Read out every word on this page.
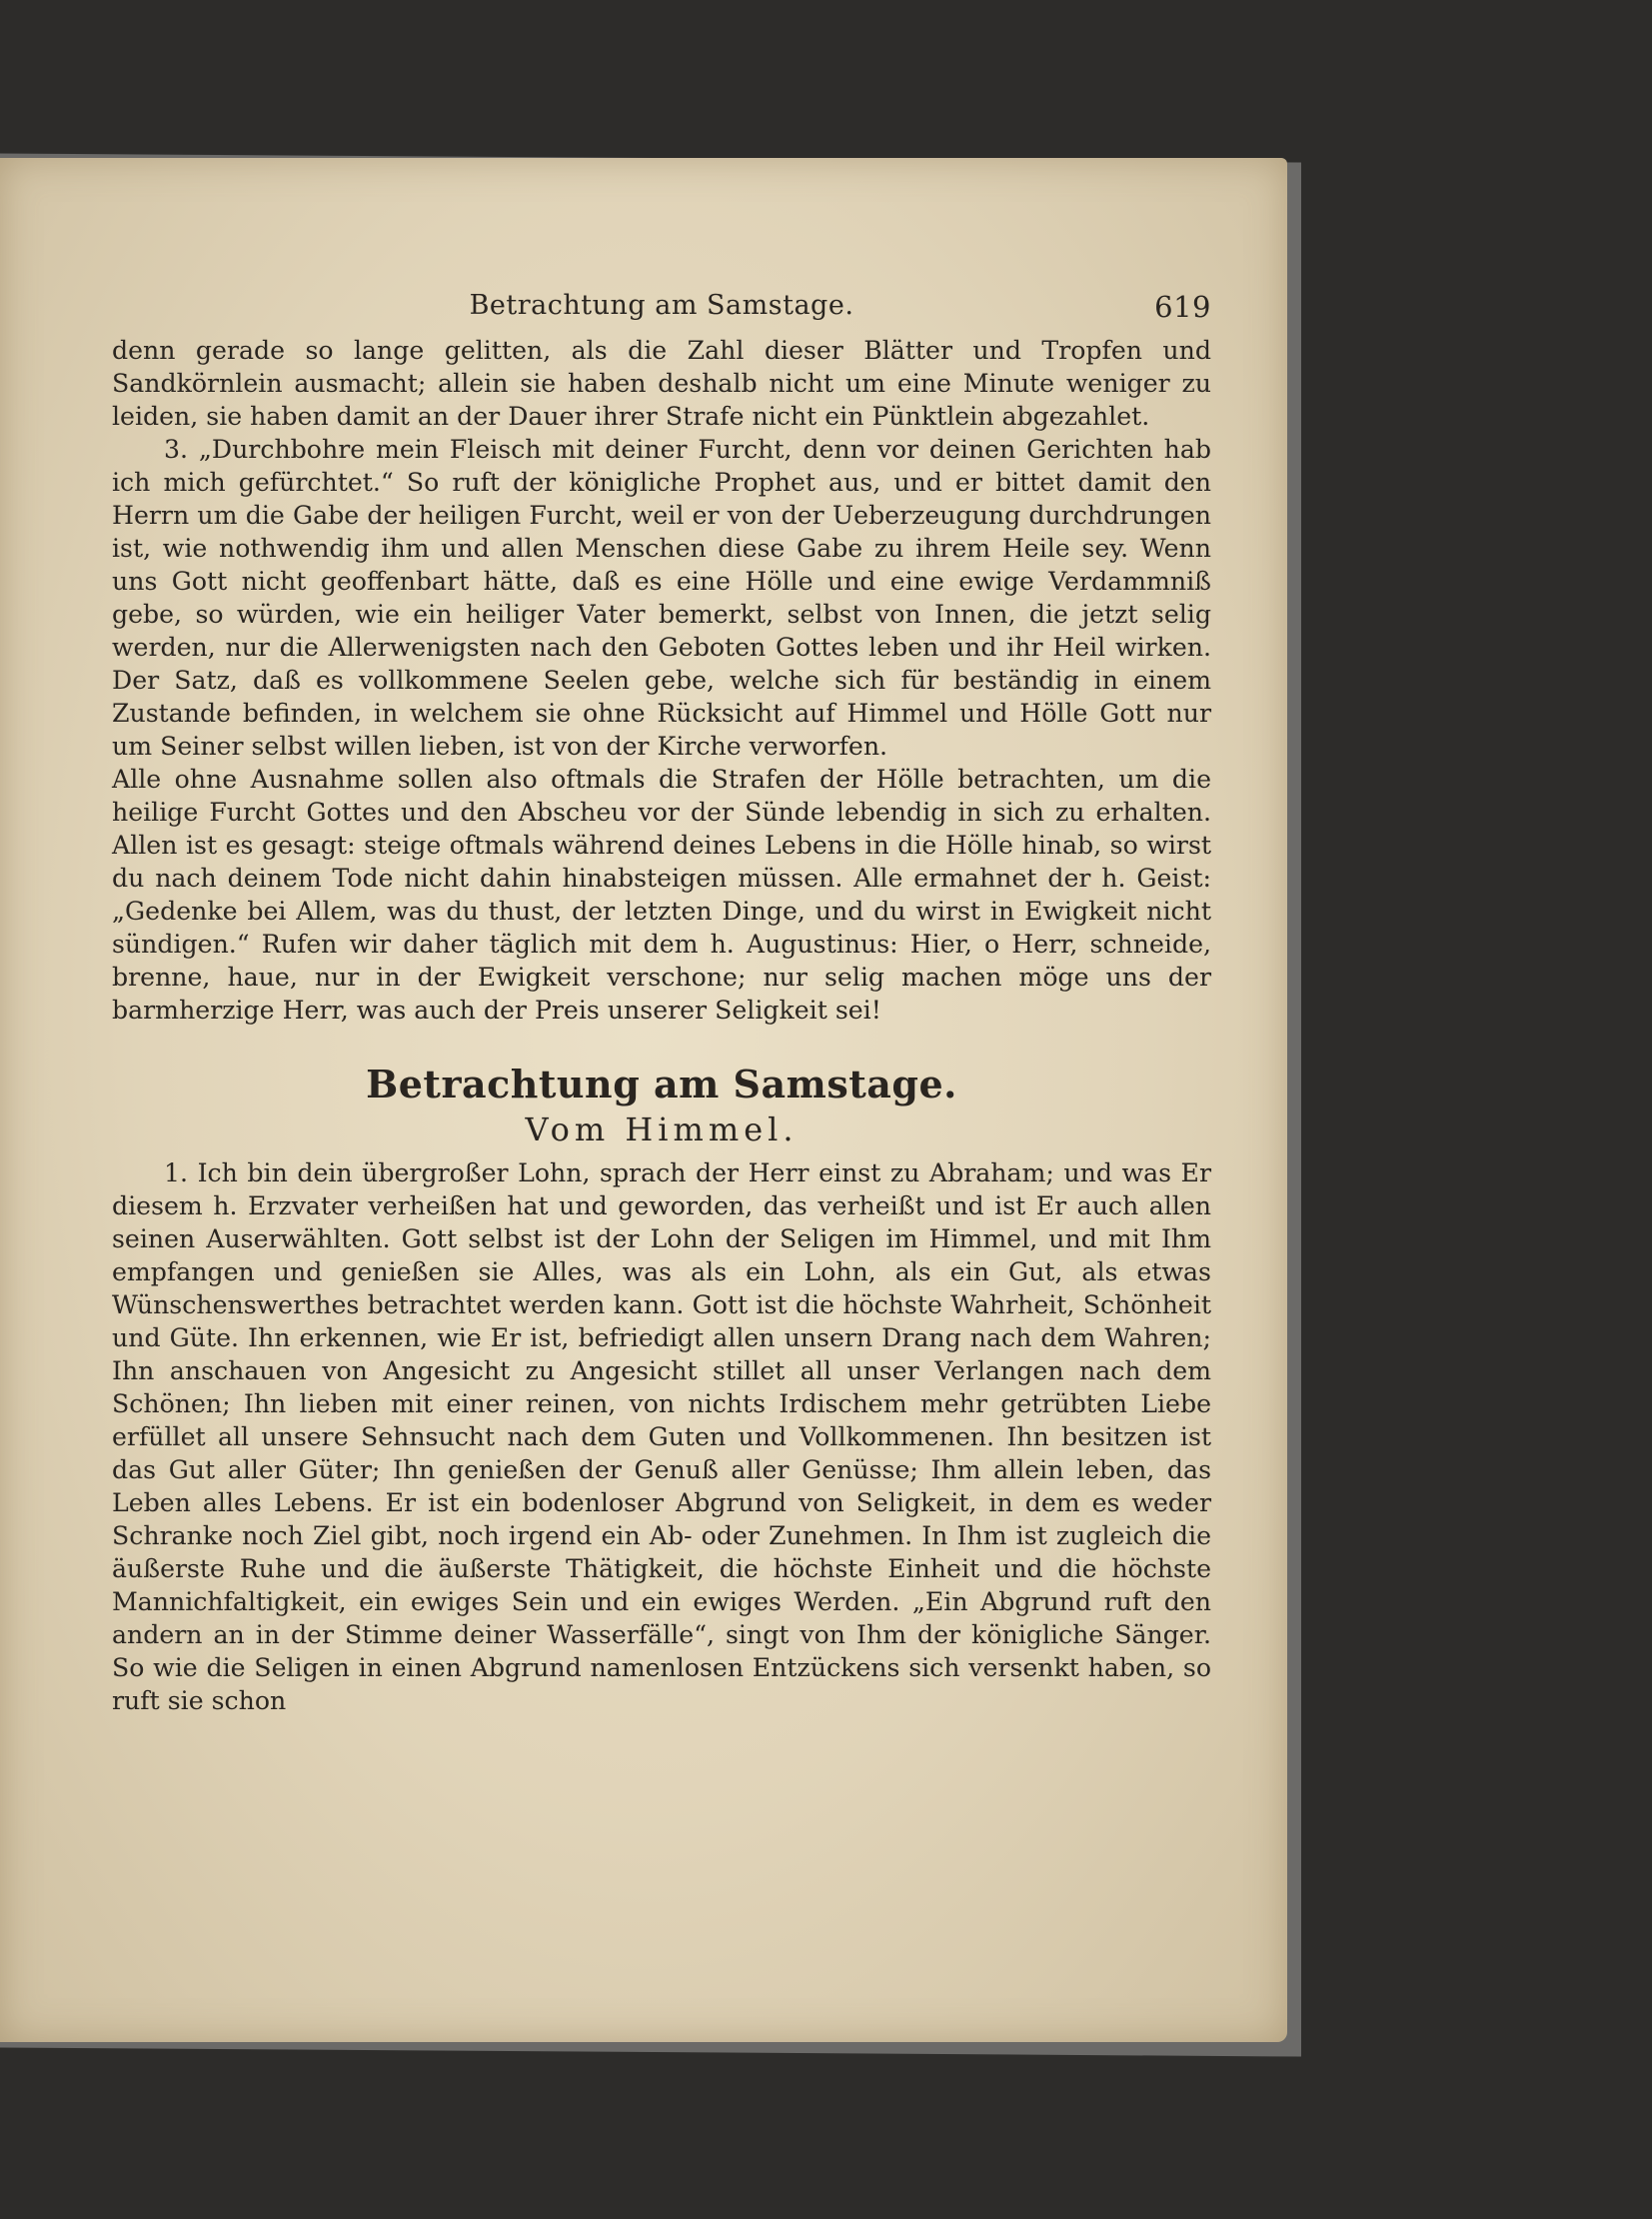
Betrachtung am Samstage.	619

denn gerade so lange gelitten, als die Zahl dieser Blätter und Tropfen und Sandkörnlein ausmacht; allein sie haben deshalb nicht um eine Minute weniger zu leiden, sie haben damit an der Dauer ihrer Strafe nicht ein Pünktlein abgezahlet.

3. „Durchbohre mein Fleisch mit deiner Furcht, denn vor deinen Gerichten hab ich mich gefürchtet.“ So ruft der königliche Prophet aus, und er bittet damit den Herrn um die Gabe der heiligen Furcht, weil er von der Ueberzeugung durchdrungen ist, wie nothwendig ihm und allen Menschen diese Gabe zu ihrem Heile sey. Wenn uns Gott nicht geoffenbart hätte, daß es eine Hölle und eine ewige Verdammniß gebe, so würden, wie ein heiliger Vater bemerkt, selbst von Innen, die jetzt selig werden, nur die Allerwenigsten nach den Geboten Gottes leben und ihr Heil wirken. Der Satz, daß es vollkommene Seelen gebe, welche sich für beständig in einem Zustande befinden, in welchem sie ohne Rücksicht auf Himmel und Hölle Gott nur um Seiner selbst willen lieben, ist von der Kirche verworfen.

Alle ohne Ausnahme sollen also oftmals die Strafen der Hölle betrachten, um die heilige Furcht Gottes und den Abscheu vor der Sünde lebendig in sich zu erhalten. Allen ist es gesagt: steige oftmals während deines Lebens in die Hölle hinab, so wirst du nach deinem Tode nicht dahin hinabsteigen müssen. Alle ermahnet der h. Geist: „Gedenke bei Allem, was du thust, der letzten Dinge, und du wirst in Ewigkeit nicht sündigen.“ Rufen wir daher täglich mit dem h. Augustinus: Hier, o Herr, schneide, brenne, haue, nur in der Ewigkeit verschone; nur selig machen möge uns der barmherzige Herr, was auch der Preis unserer Seligkeit sei!

Betrachtung am Samstage.
Vom Himmel.

1. Ich bin dein übergroßer Lohn, sprach der Herr einst zu Abraham; und was Er diesem h. Erzvater verheißen hat und geworden, das verheißt und ist Er auch allen seinen Auserwählten. Gott selbst ist der Lohn der Seligen im Himmel, und mit Ihm empfangen und genießen sie Alles, was als ein Lohn, als ein Gut, als etwas Wünschenswerthes betrachtet werden kann. Gott ist die höchste Wahrheit, Schönheit und Güte. Ihn erkennen, wie Er ist, befriedigt allen unsern Drang nach dem Wahren; Ihn anschauen von Angesicht zu Angesicht stillet all unser Verlangen nach dem Schönen; Ihn lieben mit einer reinen, von nichts Irdischem mehr getrübten Liebe erfüllet all unsere Sehnsucht nach dem Guten und Vollkommenen. Ihn besitzen ist das Gut aller Güter; Ihn genießen der Genuß aller Genüsse; Ihm allein leben, das Leben alles Lebens. Er ist ein bodenloser Abgrund von Seligkeit, in dem es weder Schranke noch Ziel gibt, noch irgend ein Ab- oder Zunehmen. In Ihm ist zugleich die äußerste Ruhe und die äußerste Thätigkeit, die höchste Einheit und die höchste Mannichfaltigkeit, ein ewiges Sein und ein ewiges Werden. „Ein Abgrund ruft den andern an in der Stimme deiner Wasserfälle“, singt von Ihm der königliche Sänger. So wie die Seligen in einen Abgrund namenlosen Entzückens sich versenkt haben, so ruft sie schon
